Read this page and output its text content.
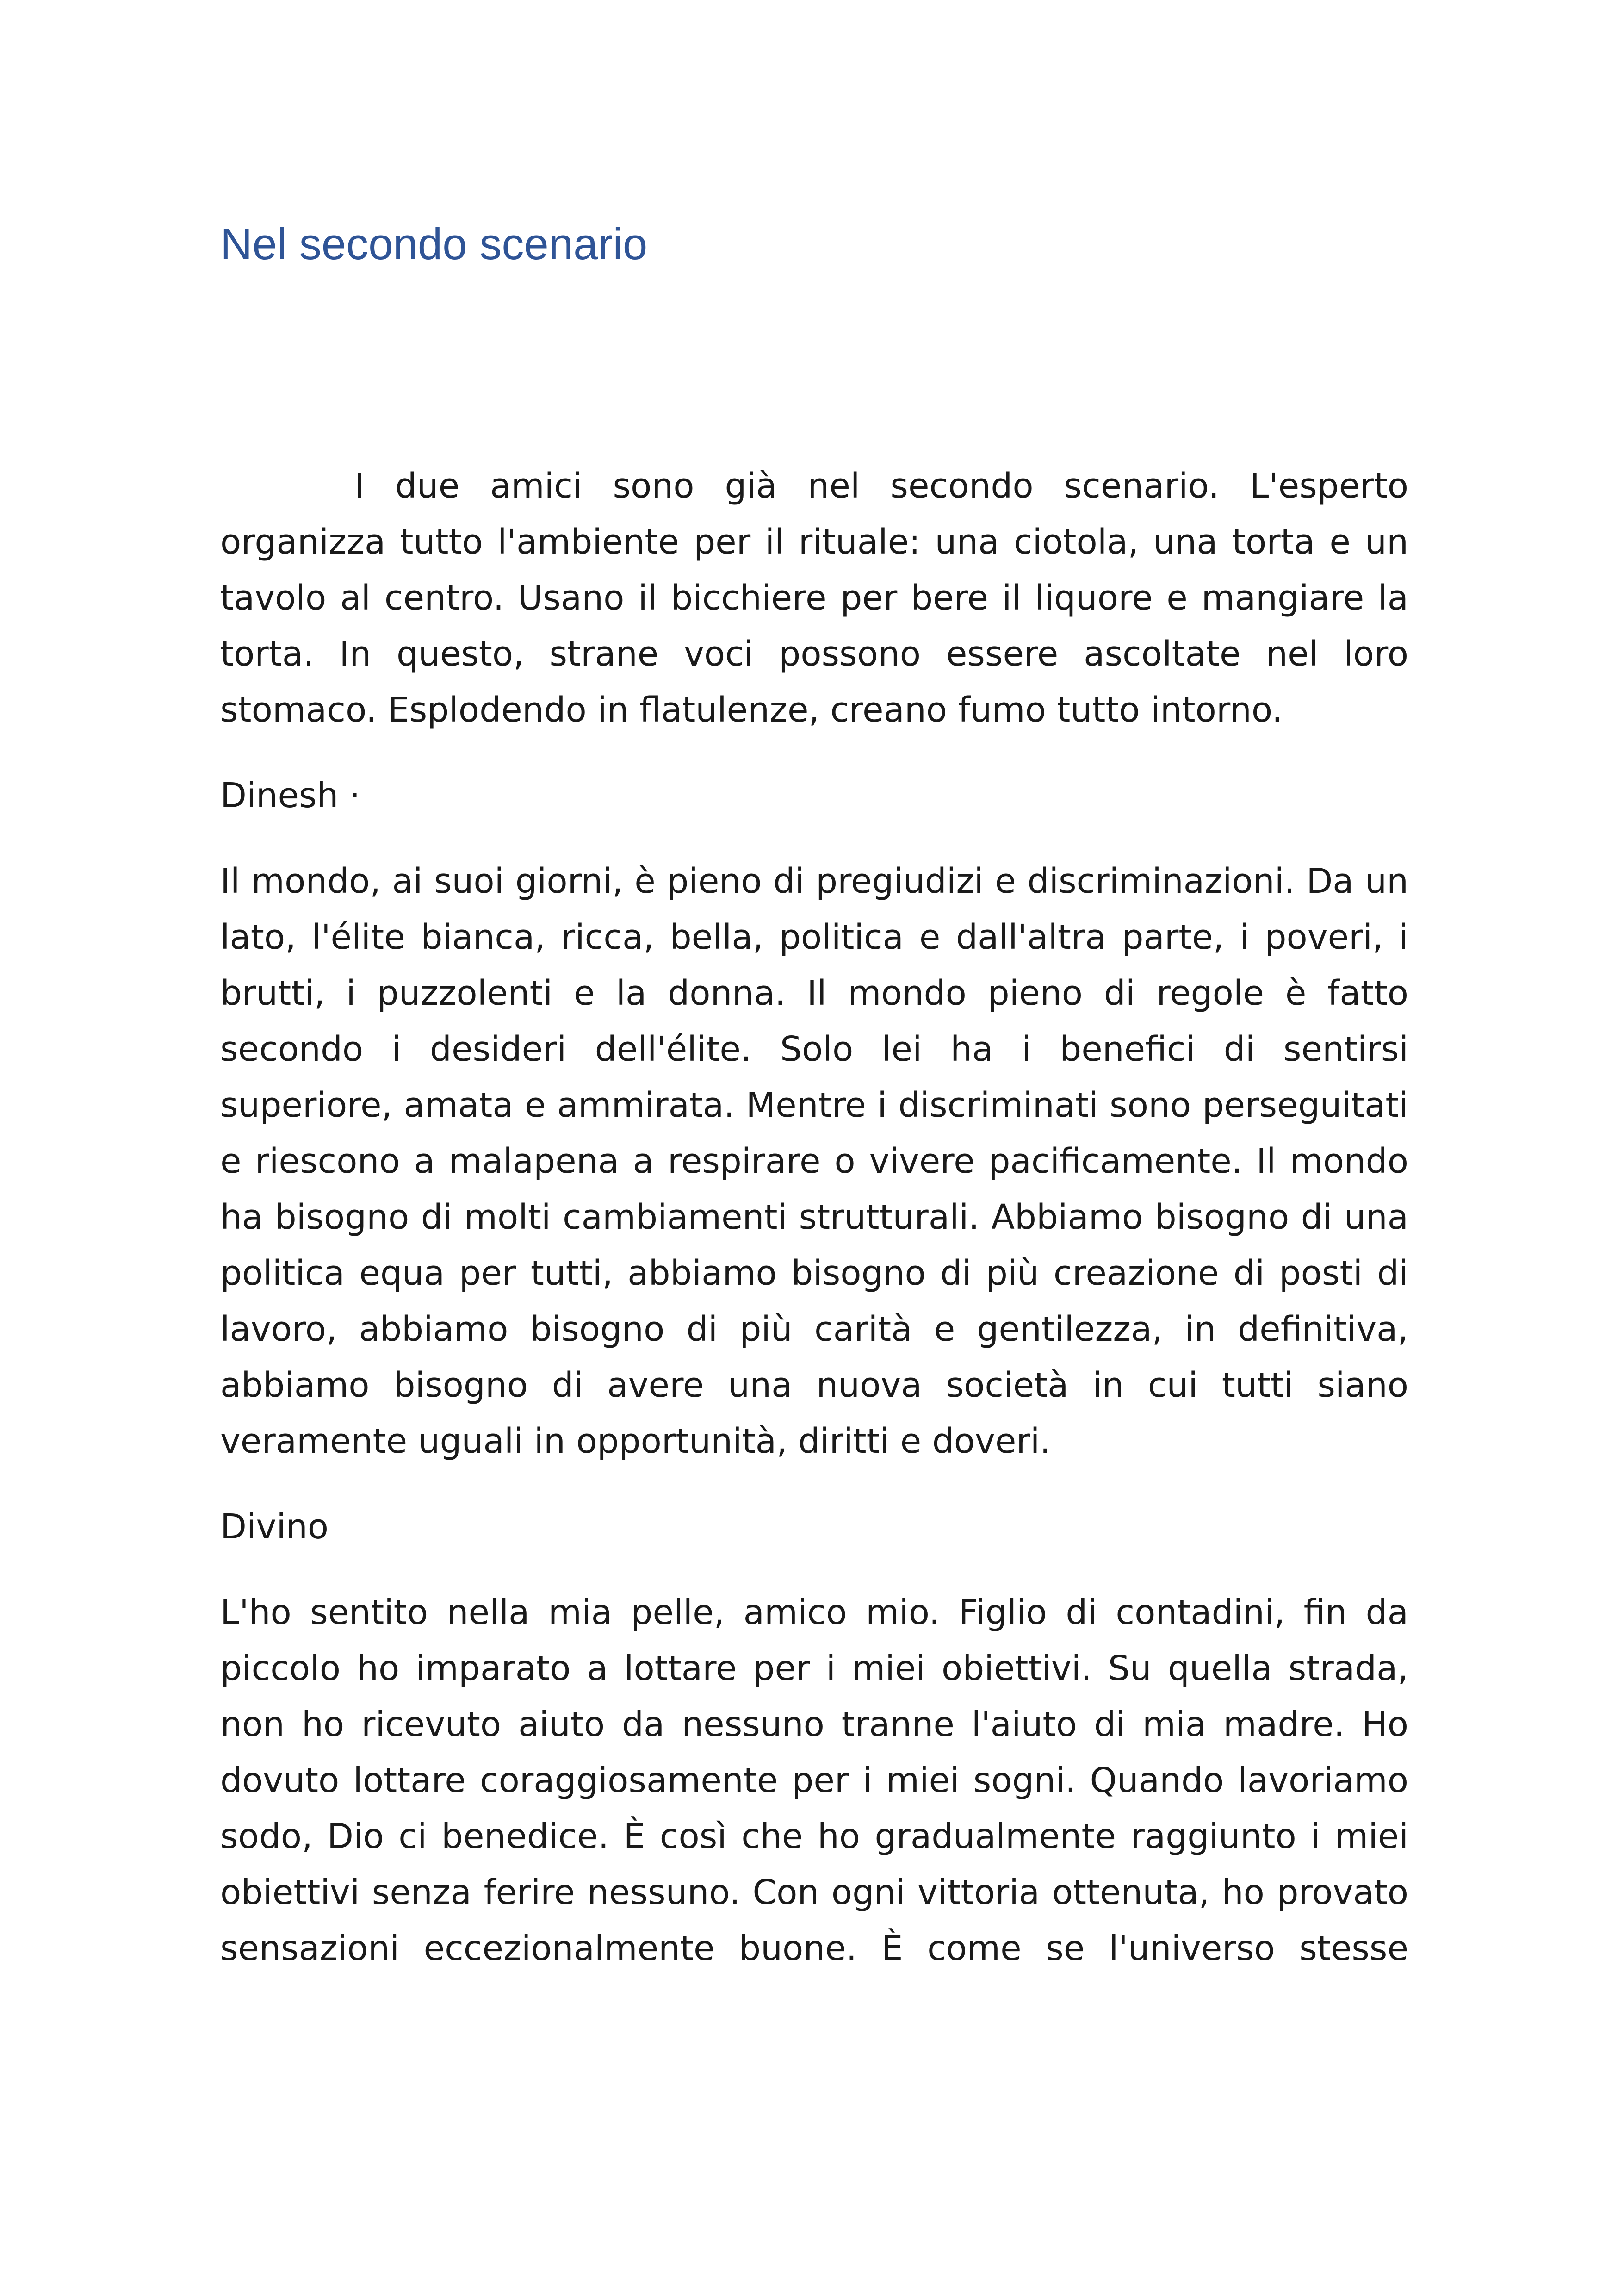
Nel secondo scenario

I due amici sono già nel secondo scenario. L'esperto organizza tutto l'ambiente per il rituale: una ciotola, una torta e un tavolo al centro. Usano il bicchiere per bere il liquore e mangiare la torta. In questo, strane voci possono essere ascoltate nel loro stomaco. Esplodendo in flatulenze, creano fumo tutto intorno.

Dinesh ·

Il mondo, ai suoi giorni, è pieno di pregiudizi e discriminazioni. Da un lato, l'élite bianca, ricca, bella, politica e dall'altra parte, i poveri, i brutti, i puzzolenti e la donna. Il mondo pieno di regole è fatto secondo i desideri dell'élite. Solo lei ha i benefici di sentirsi superiore, amata e ammirata. Mentre i discriminati sono perseguitati e riescono a malapena a respirare o vivere pacificamente. Il mondo ha bisogno di molti cambiamenti strutturali. Abbiamo bisogno di una politica equa per tutti, abbiamo bisogno di più creazione di posti di lavoro, abbiamo bisogno di più carità e gentilezza, in definitiva, abbiamo bisogno di avere una nuova società in cui tutti siano veramente uguali in opportunità, diritti e doveri.

Divino

L'ho sentito nella mia pelle, amico mio. Figlio di contadini, fin da piccolo ho imparato a lottare per i miei obiettivi. Su quella strada, non ho ricevuto aiuto da nessuno tranne l'aiuto di mia madre. Ho dovuto lottare coraggiosamente per i miei sogni. Quando lavoriamo sodo, Dio ci benedice. È così che ho gradualmente raggiunto i miei obiettivi senza ferire nessuno. Con ogni vittoria ottenuta, ho provato sensazioni eccezionalmente buone. È come se l'universo stesse
